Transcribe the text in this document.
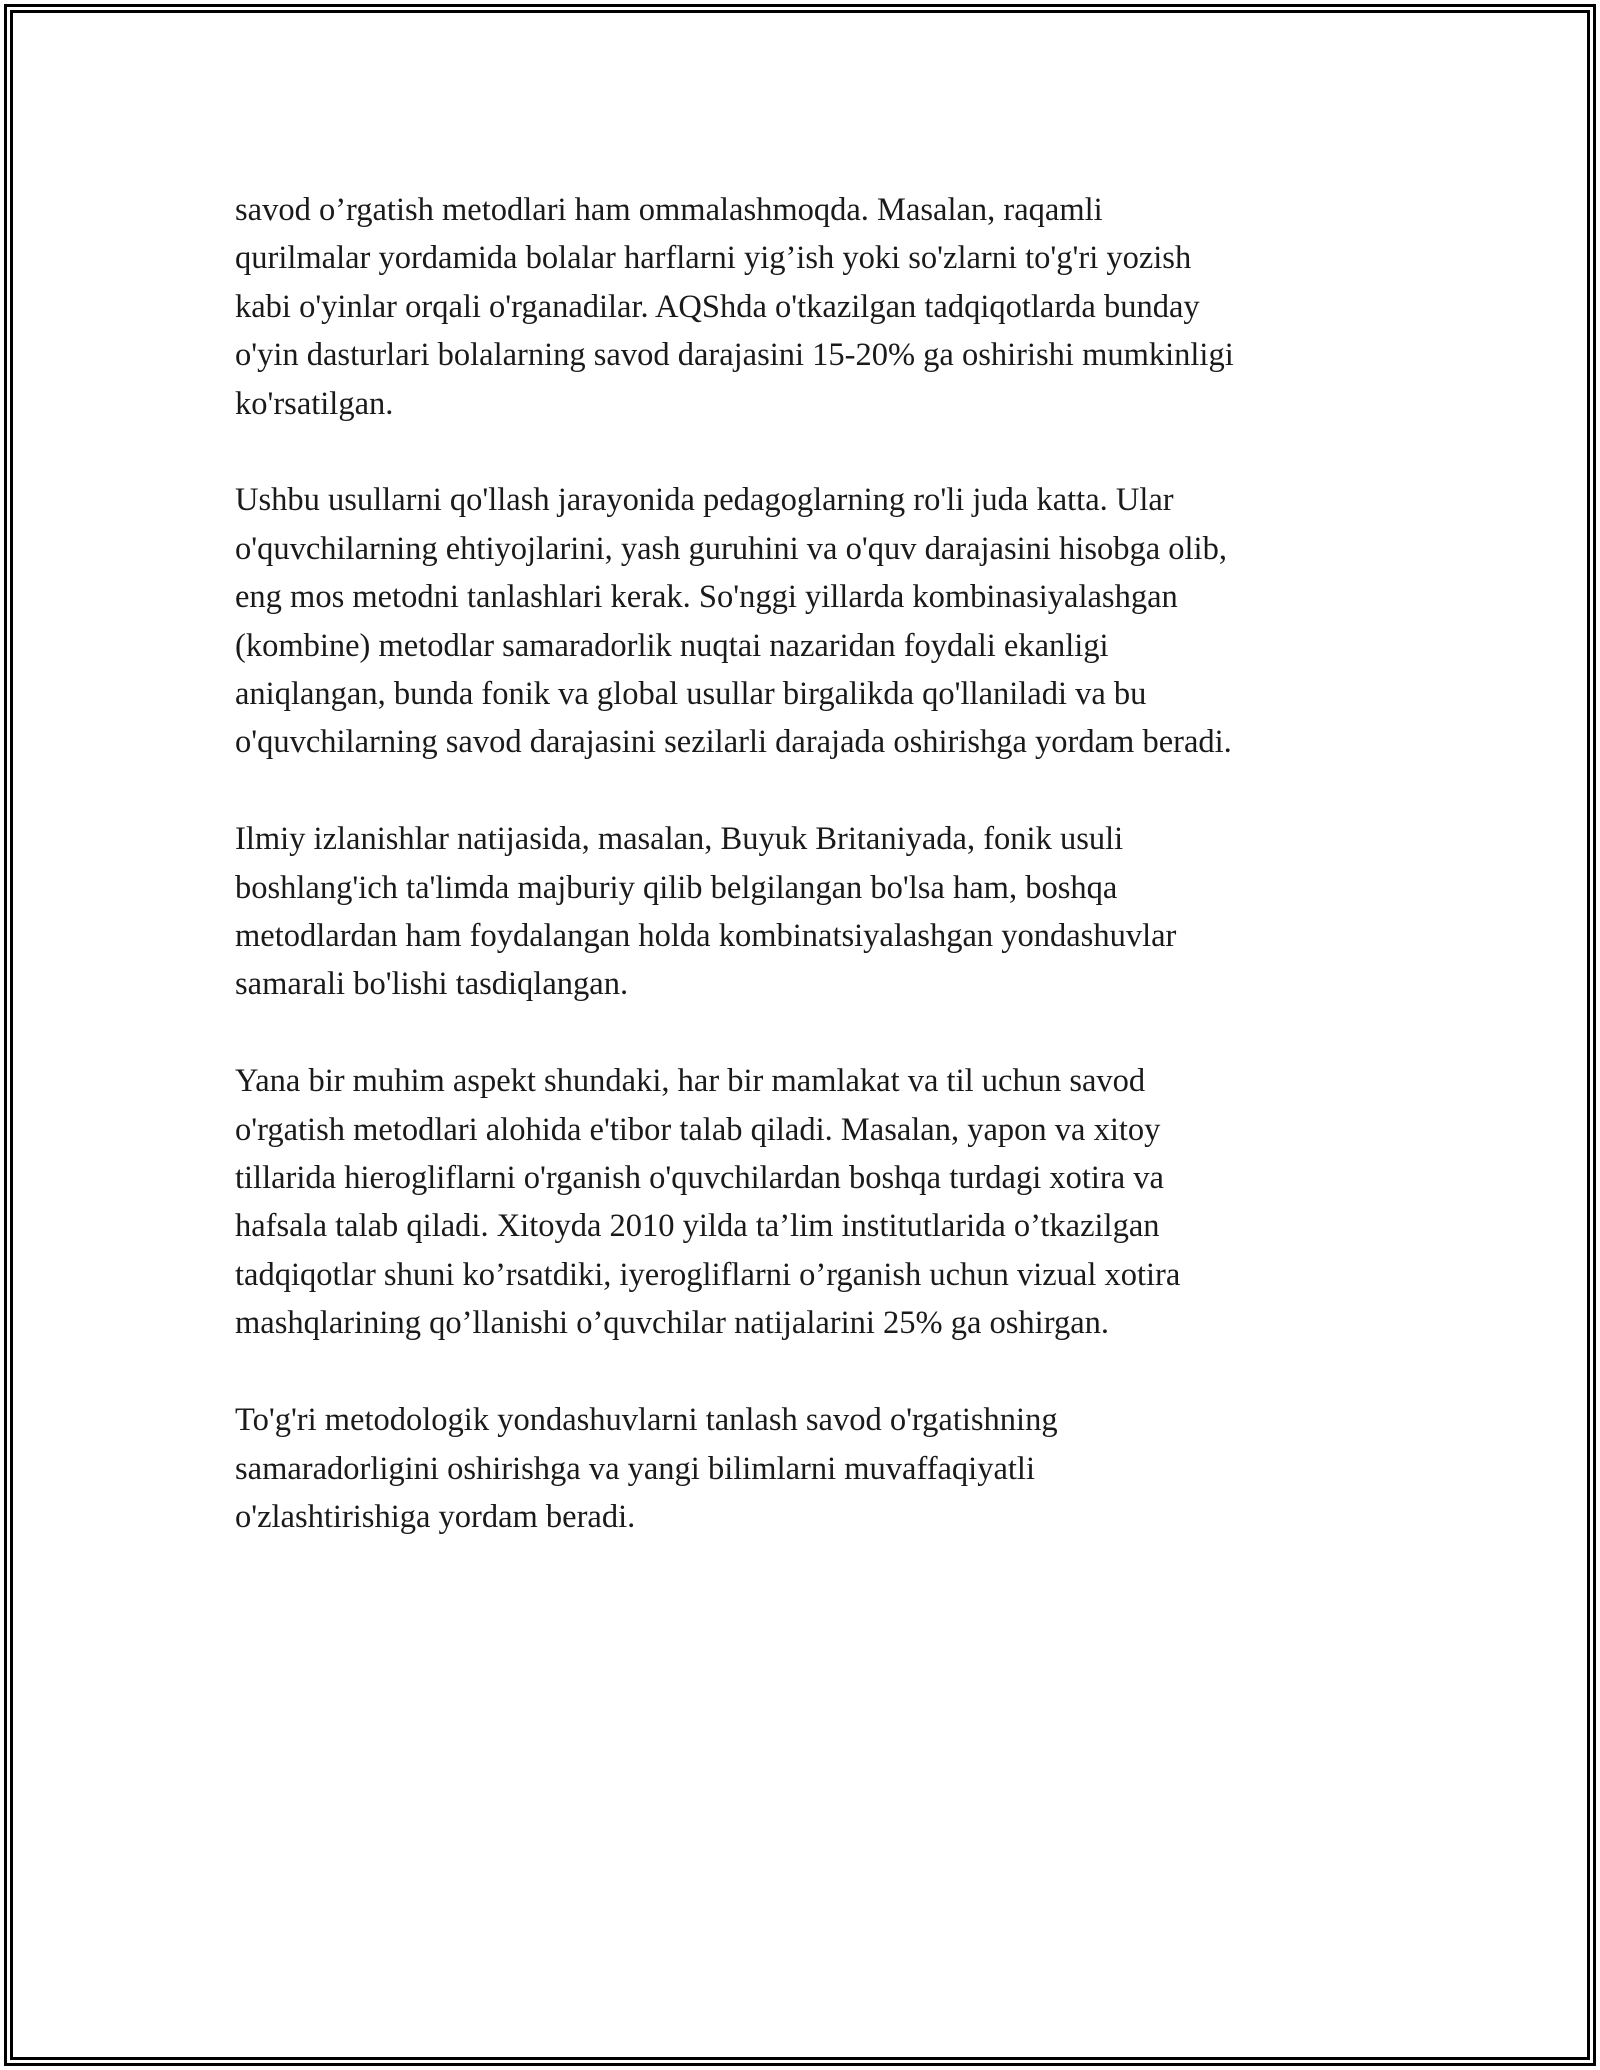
savod o’rgatish metodlari ham ommalashmoqda. Masalan, raqamli
qurilmalar yordamida bolalar harflarni yig’ish yoki so'zlarni to'g'ri yozish
kabi o'yinlar orqali o'rganadilar. AQShda o'tkazilgan tadqiqotlarda bunday
o'yin dasturlari bolalarning savod darajasini 15-20% ga oshirishi mumkinligi
ko'rsatilgan.

Ushbu usullarni qo'llash jarayonida pedagoglarning ro'li juda katta. Ular
o'quvchilarning ehtiyojlarini, yash guruhini va o'quv darajasini hisobga olib,
eng mos metodni tanlashlari kerak. So'nggi yillarda kombinasiyalashgan
(kombine) metodlar samaradorlik nuqtai nazaridan foydali ekanligi
aniqlangan, bunda fonik va global usullar birgalikda qo'llaniladi va bu
o'quvchilarning savod darajasini sezilarli darajada oshirishga yordam beradi.

Ilmiy izlanishlar natijasida, masalan, Buyuk Britaniyada, fonik usuli
boshlang'ich ta'limda majburiy qilib belgilangan bo'lsa ham, boshqa
metodlardan ham foydalangan holda kombinatsiyalashgan yondashuvlar
samarali bo'lishi tasdiqlangan.

Yana bir muhim aspekt shundaki, har bir mamlakat va til uchun savod
o'rgatish metodlari alohida e'tibor talab qiladi. Masalan, yapon va xitoy
tillarida hierogliflarni o'rganish o'quvchilardan boshqa turdagi xotira va
hafsala talab qiladi. Xitoyda 2010 yilda ta’lim institutlarida o’tkazilgan
tadqiqotlar shuni ko’rsatdiki, iyerogliflarni o’rganish uchun vizual xotira
mashqlarining qo’llanishi o’quvchilar natijalarini 25% ga oshirgan.

To'g'ri metodologik yondashuvlarni tanlash savod o'rgatishning
samaradorligini oshirishga va yangi bilimlarni muvaffaqiyatli
o'zlashtirishiga yordam beradi.
